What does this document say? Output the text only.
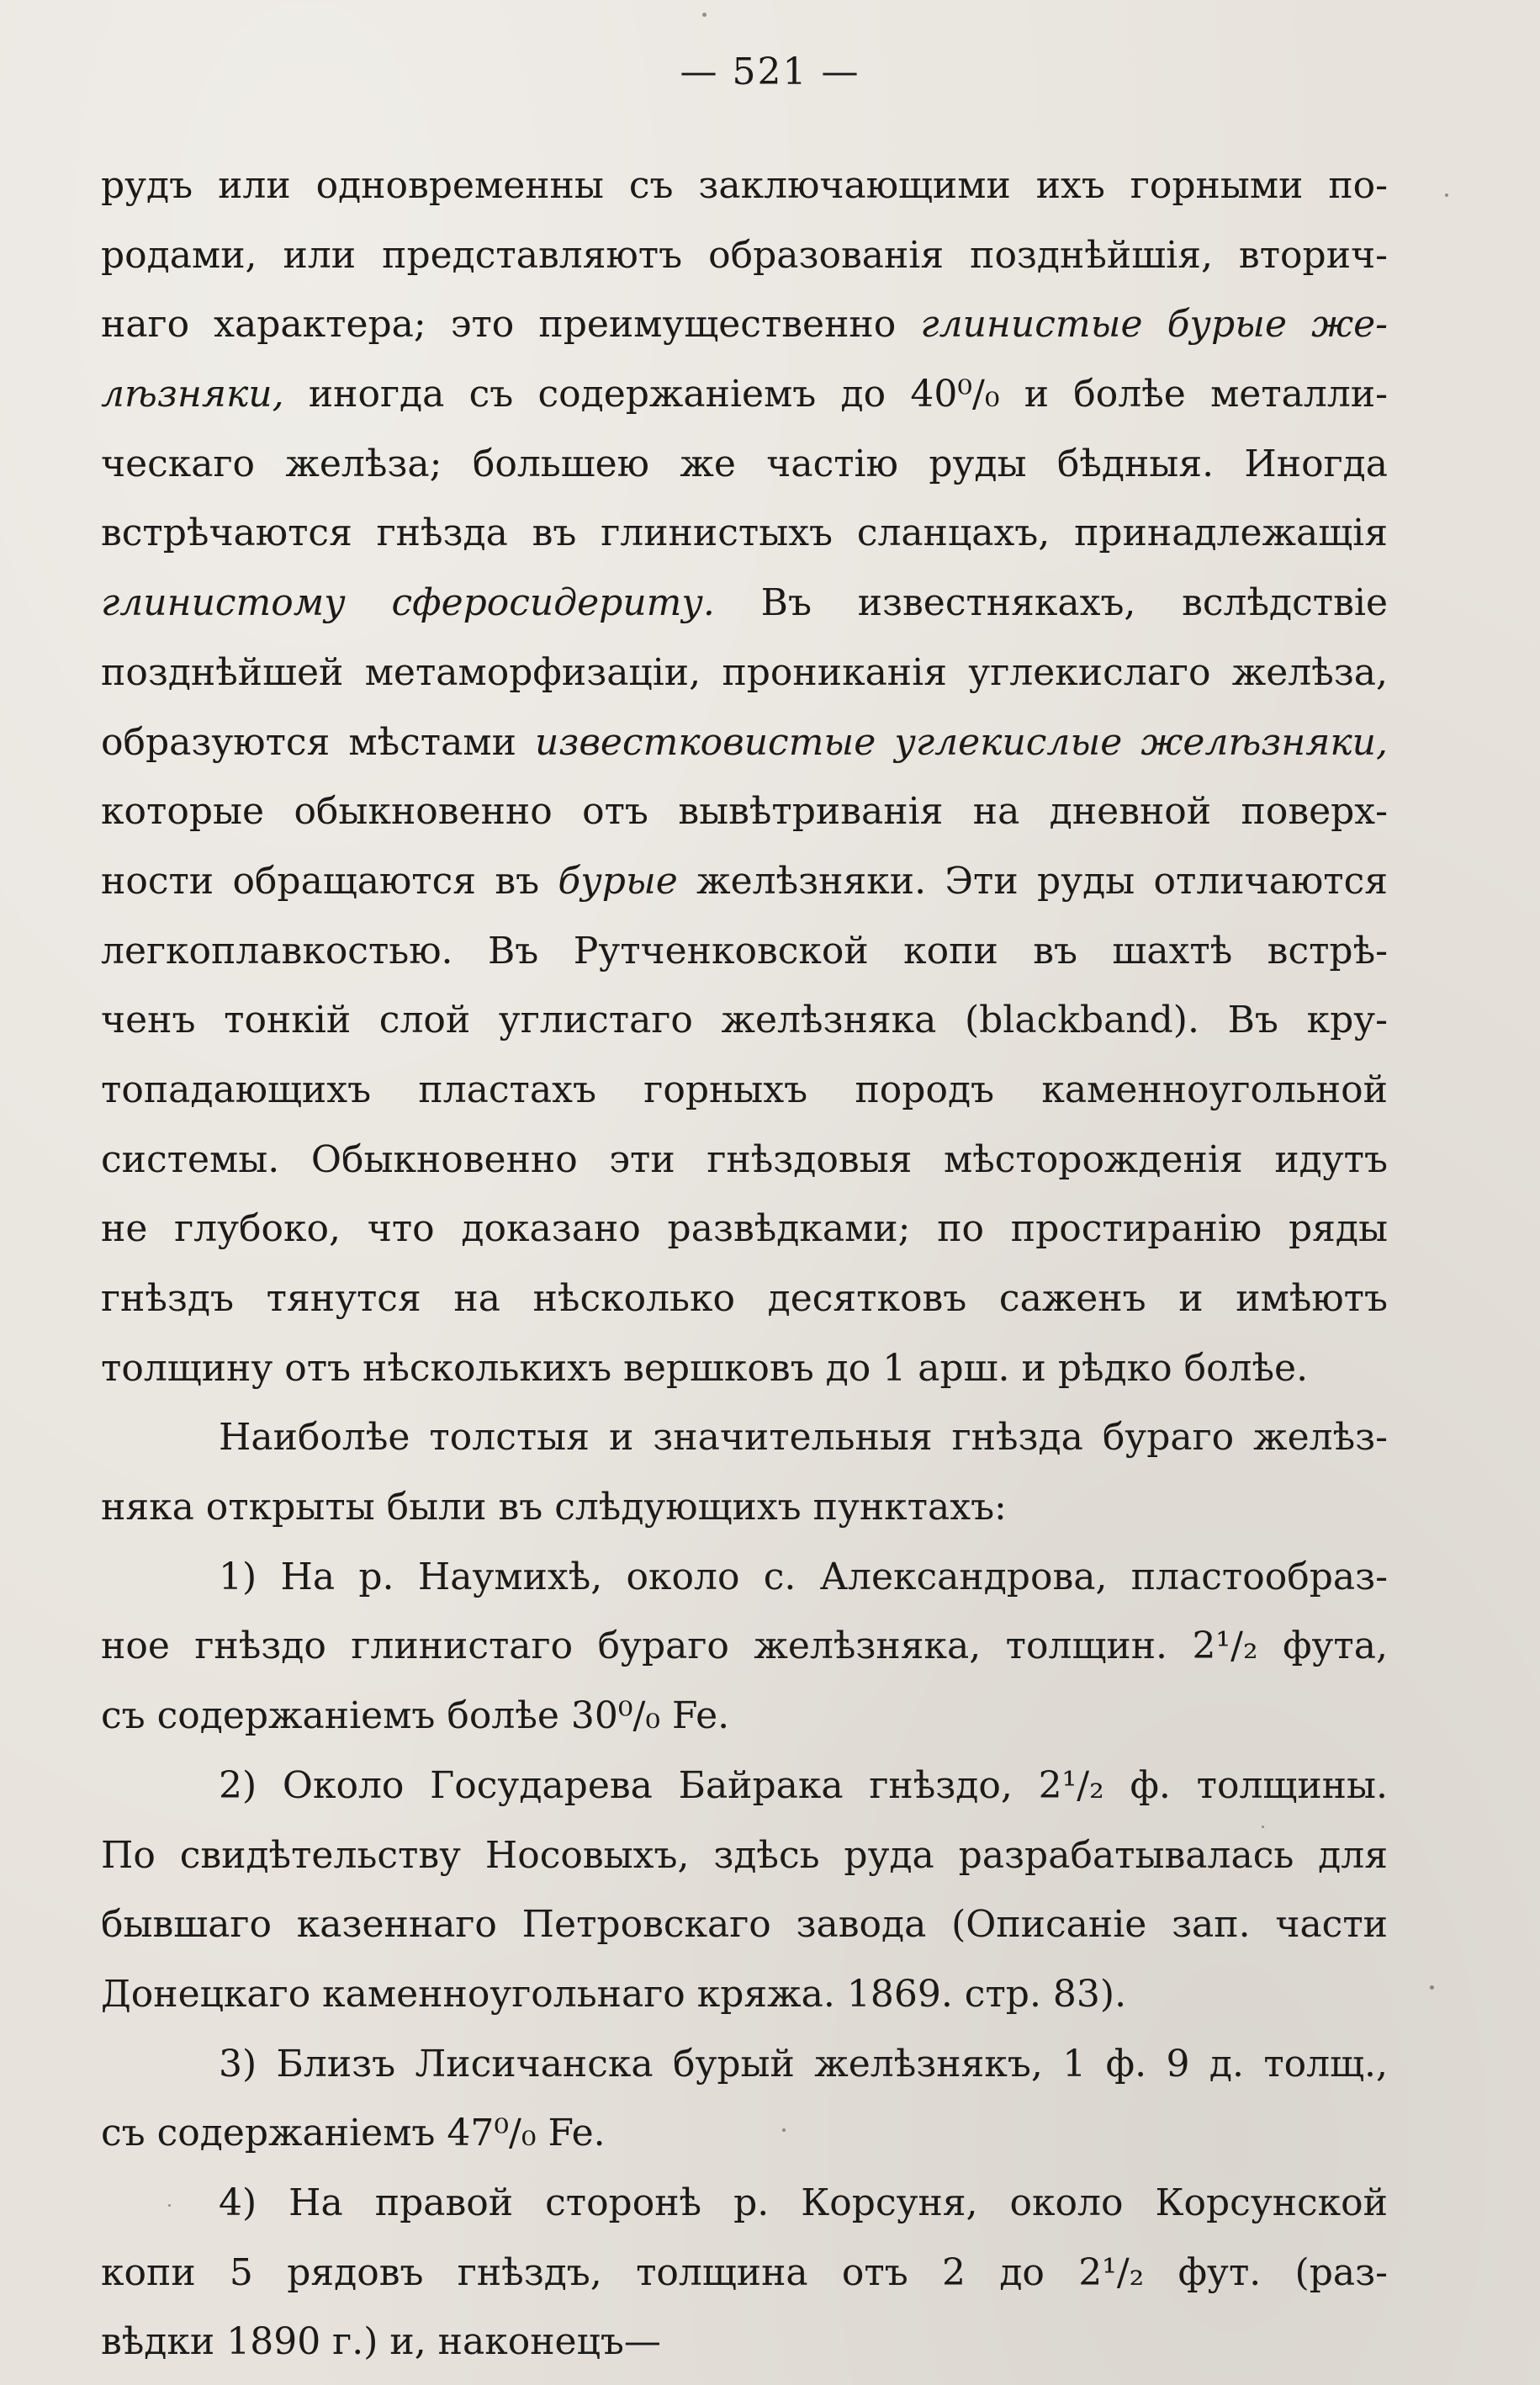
— 521 —
рудъ или одновременны съ заключающими ихъ горными по-
родами, или представляютъ образованія позднѣйшія, вторич-
наго характера; это преимущественно глинистые бурые же-
лѣзняки, иногда съ содержаніемъ до 40⁰/₀ и болѣе металли-
ческаго желѣза; большею же частію руды бѣдныя. Иногда
встрѣчаются гнѣзда въ глинистыхъ сланцахъ, принадлежащія
глинистому сферосидериту. Въ известнякахъ, вслѣдствіе
позднѣйшей метаморфизаціи, прониканія углекислаго желѣза,
образуются мѣстами известковистые углекислые желѣзняки,
которые обыкновенно отъ вывѣтриванія на дневной поверх-
ности обращаются въ бурые желѣзняки. Эти руды отличаются
легкоплавкостью. Въ Рутченковской копи въ шахтѣ встрѣ-
ченъ тонкій слой углистаго желѣзняка (blackband). Въ кру-
топадающихъ пластахъ горныхъ породъ каменноугольной
системы. Обыкновенно эти гнѣздовыя мѣсторожденія идутъ
не глубоко, что доказано развѣдками; по простиранію ряды
гнѣздъ тянутся на нѣсколько десятковъ саженъ и имѣютъ
толщину отъ нѣсколькихъ вершковъ до 1 арш. и рѣдко болѣе.
Наиболѣе толстыя и значительныя гнѣзда бураго желѣз-
няка открыты были въ слѣдующихъ пунктахъ:
1) На р. Наумихѣ, около с. Александрова, пластообраз-
ное гнѣздо глинистаго бураго желѣзняка, толщин. 2¹/₂ фута,
съ содержаніемъ болѣе 30⁰/₀ Fe.
2) Около Государева Байрака гнѣздо, 2¹/₂ ф. толщины.
По свидѣтельству Носовыхъ, здѣсь руда разрабатывалась для
бывшаго казеннаго Петровскаго завода (Описаніе зап. части
Донецкаго каменноугольнаго кряжа. 1869. стр. 83).
3) Близъ Лисичанска бурый желѣзнякъ, 1 ф. 9 д. толщ.,
съ содержаніемъ 47⁰/₀ Fe.
4) На правой сторонѣ р. Корсуня, около Корсунской
копи 5 рядовъ гнѣздъ, толщина отъ 2 до 2¹/₂ фут. (раз-
вѣдки 1890 г.) и, наконецъ—
